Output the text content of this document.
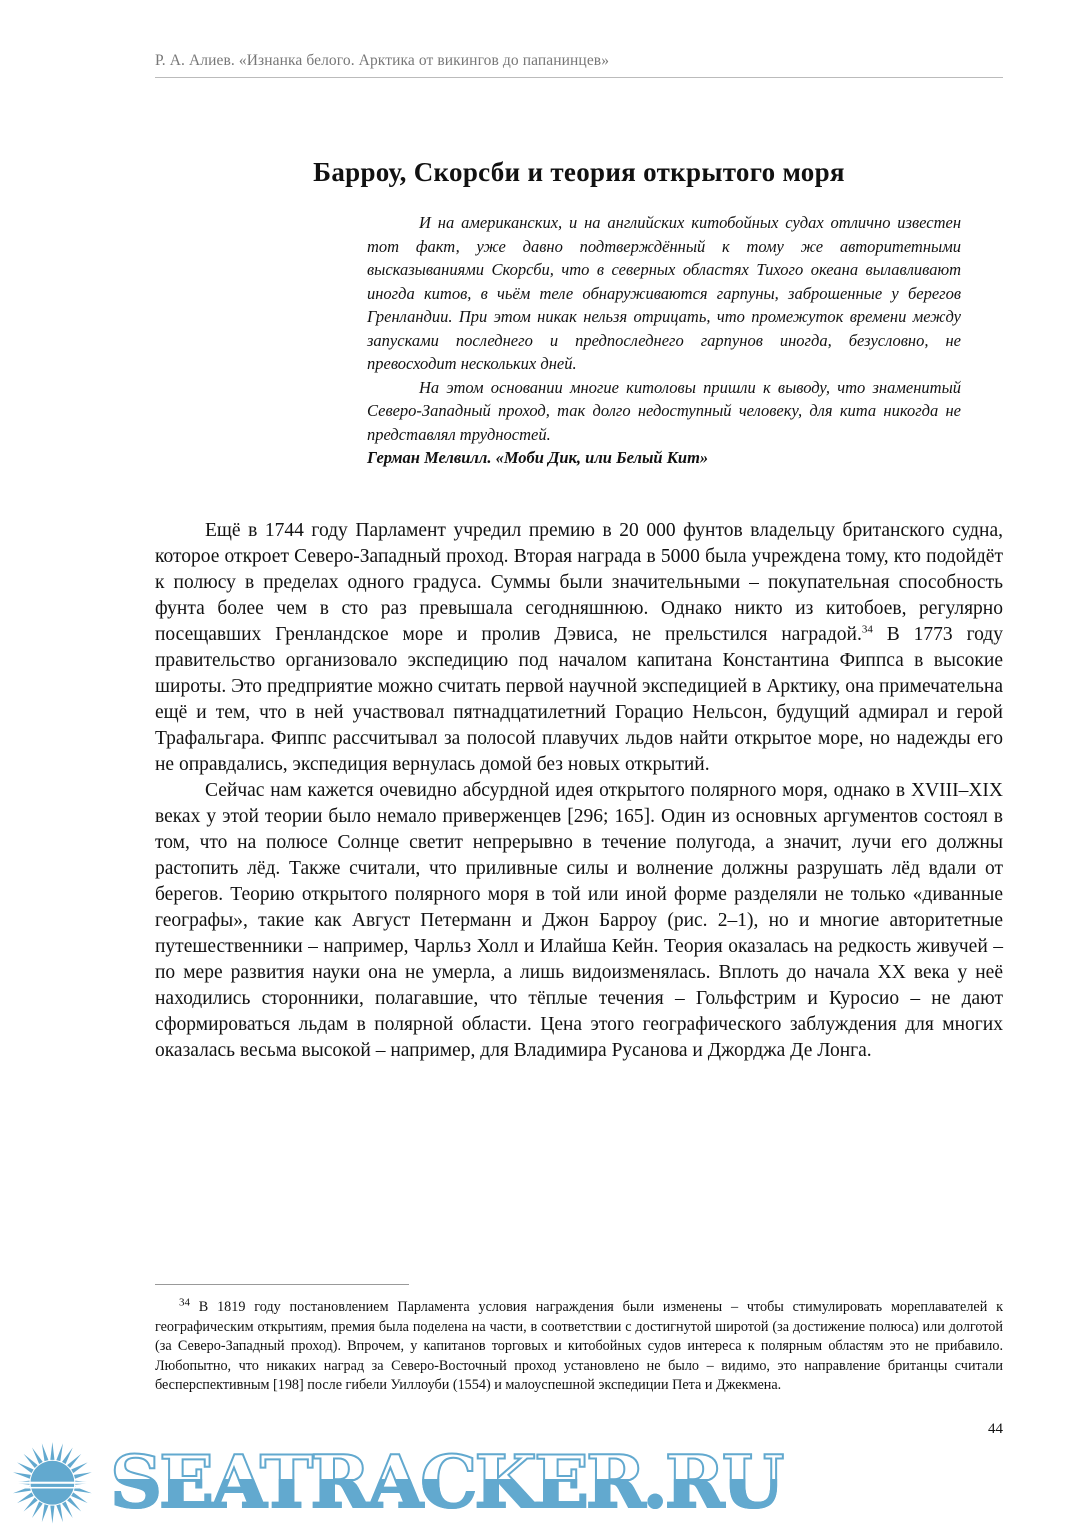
Р. А. Алиев. «Изнанка белого. Арктика от викингов до папанинцев»
Барроу, Скорсби и теория открытого моря

И на американских, и на английских китобойных судах отлично известен тот факт, уже давно подтверждённый к тому же авторитетными высказываниями Скорсби, что в северных областях Тихого океана вылавливают иногда китов, в чьём теле обнаруживаются гарпуны, заброшенные у берегов Гренландии. При этом никак нельзя отрицать, что промежуток времени между запусками последнего и предпоследнего гарпунов иногда, безусловно, не превосходит нескольких дней.

На этом основании многие китоловы пришли к выводу, что знаменитый Северо-Западный проход, так долго недоступный человеку, для кита никогда не представлял трудностей.

Герман Мелвилл. «Моби Дик, или Белый Кит»

Ещё в 1744 году Парламент учредил премию в 20 000 фунтов владельцу британского судна, которое откроет Северо-Западный проход. Вторая награда в 5000 была учреждена тому, кто подойдёт к полюсу в пределах одного градуса. Суммы были значительными – покупательная способность фунта более чем в сто раз превышала сегодняшнюю. Однако никто из китобоев, регулярно посещавших Гренландское море и пролив Дэвиса, не прельстился наградой.$^{34}$ В 1773 году правительство организовало экспедицию под началом капитана Константина Фиппса в высокие широты. Это предприятие можно считать первой научной экспедицией в Арктику, она примечательна ещё и тем, что в ней участвовал пятнадцатилетний Горацио Нельсон, будущий адмирал и герой Трафальгара. Фиппс рассчитывал за полосой плавучих льдов найти открытое море, но надежды его не оправдались, экспедиция вернулась домой без новых открытий.

Сейчас нам кажется очевидно абсурдной идея открытого полярного моря, однако в XVIII–XIX веках у этой теории было немало приверженцев [296; 165]. Один из основных аргументов состоял в том, что на полюсе Солнце светит непрерывно в течение полугода, а значит, лучи его должны растопить лёд. Также считали, что приливные силы и волнение должны разрушать лёд вдали от берегов. Теорию открытого полярного моря в той или иной форме разделяли не только «диванные географы», такие как Август Петерманн и Джон Барроу (рис. 2–1), но и многие авторитетные путешественники – например, Чарльз Холл и Илайша Кейн. Теория оказалась на редкость живучей – по мере развития науки она не умерла, а лишь видоизменялась. Вплоть до начала XX века у неё находились сторонники, полагавшие, что тёплые течения – Гольфстрим и Куросио – не дают сформироваться льдам в полярной области. Цена этого географического заблуждения для многих оказалась весьма высокой – например, для Владимира Русанова и Джорджа Де Лонга.

$^{34}$ В 1819 году постановлением Парламента условия награждения были изменены – чтобы стимулировать мореплавателей к географическим открытиям, премия была поделена на части, в соответствии с достигнутой широтой (за достижение полюса) или долготой (за Северо-Западный проход). Впрочем, у капитанов торговых и китобойных судов интереса к полярным областям это не прибавило. Любопытно, что никаких наград за Северо-Восточный проход установлено не было – видимо, это направление британцы считали бесперспективным [198] после гибели Уиллоуби (1554) и малоуспешной экспедиции Пета и Джекмена.

44
SEATRACKER.RU
